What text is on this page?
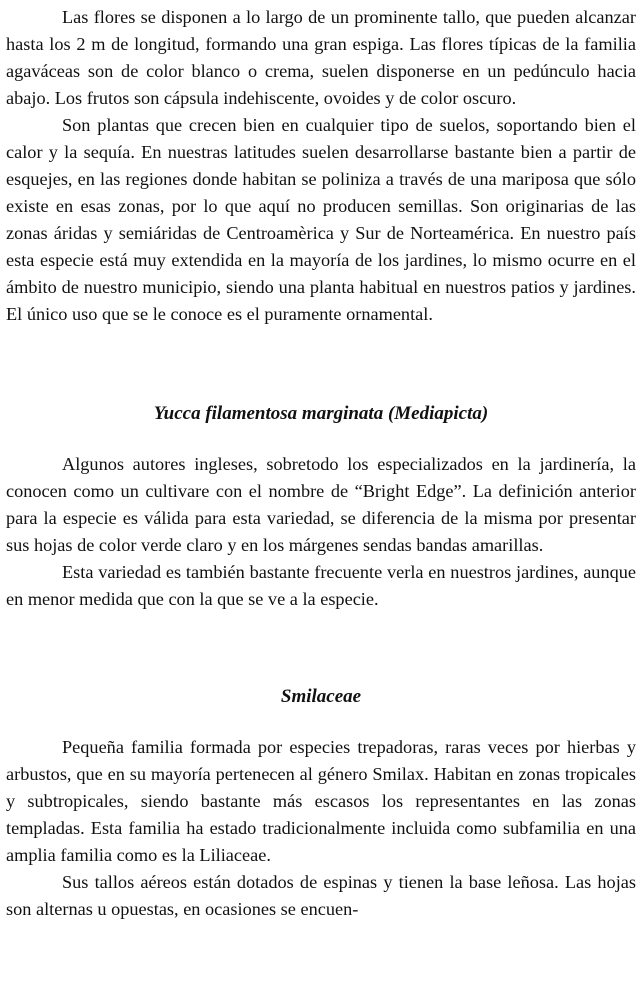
Las flores se disponen a lo largo de un prominente tallo, que pueden alcanzar hasta los 2 m de longitud, formando una gran espiga. Las flores típicas de la familia agaváceas son de color blanco o crema, suelen disponerse en un pedúnculo hacia abajo. Los frutos son cápsula indehiscente, ovoides y de color oscuro.

Son plantas que crecen bien en cualquier tipo de suelos, soportando bien el calor y la sequía. En nuestras latitudes suelen desarrollarse bastante bien a partir de esquejes, en las regiones donde habitan se poliniza a través de una mariposa que sólo existe en esas zonas, por lo que aquí no producen semillas. Son originarias de las zonas áridas y semiáridas de Centroamèrica y Sur de Norteamérica. En nuestro país esta especie está muy extendida en la mayoría de los jardines, lo mismo ocurre en el ámbito de nuestro municipio, siendo una planta habitual en nuestros patios y jardines. El único uso que se le conoce es el puramente ornamental.

Yucca filamentosa marginata (Mediapicta)

Algunos autores ingleses, sobretodo los especializados en la jardinería, la conocen como un cultivare con el nombre de “Bright Edge”. La definición anterior para la especie es válida para esta variedad, se diferencia de la misma por presentar sus hojas de color verde claro y en los márgenes sendas bandas amarillas.

Esta variedad es también bastante frecuente verla en nuestros jardines, aunque en menor medida que con la que se ve a la especie.

Smilaceae

Pequeña familia formada por especies trepadoras, raras veces por hierbas y arbustos, que en su mayoría pertenecen al género Smilax. Habitan en zonas tropicales y subtropicales, siendo bastante más escasos los representantes en las zonas templadas. Esta familia ha estado tradicionalmente incluida como subfamilia en una amplia familia como es la Liliaceae.

Sus tallos aéreos están dotados de espinas y tienen la base leñosa. Las hojas son alternas u opuestas, en ocasiones se encuen-
